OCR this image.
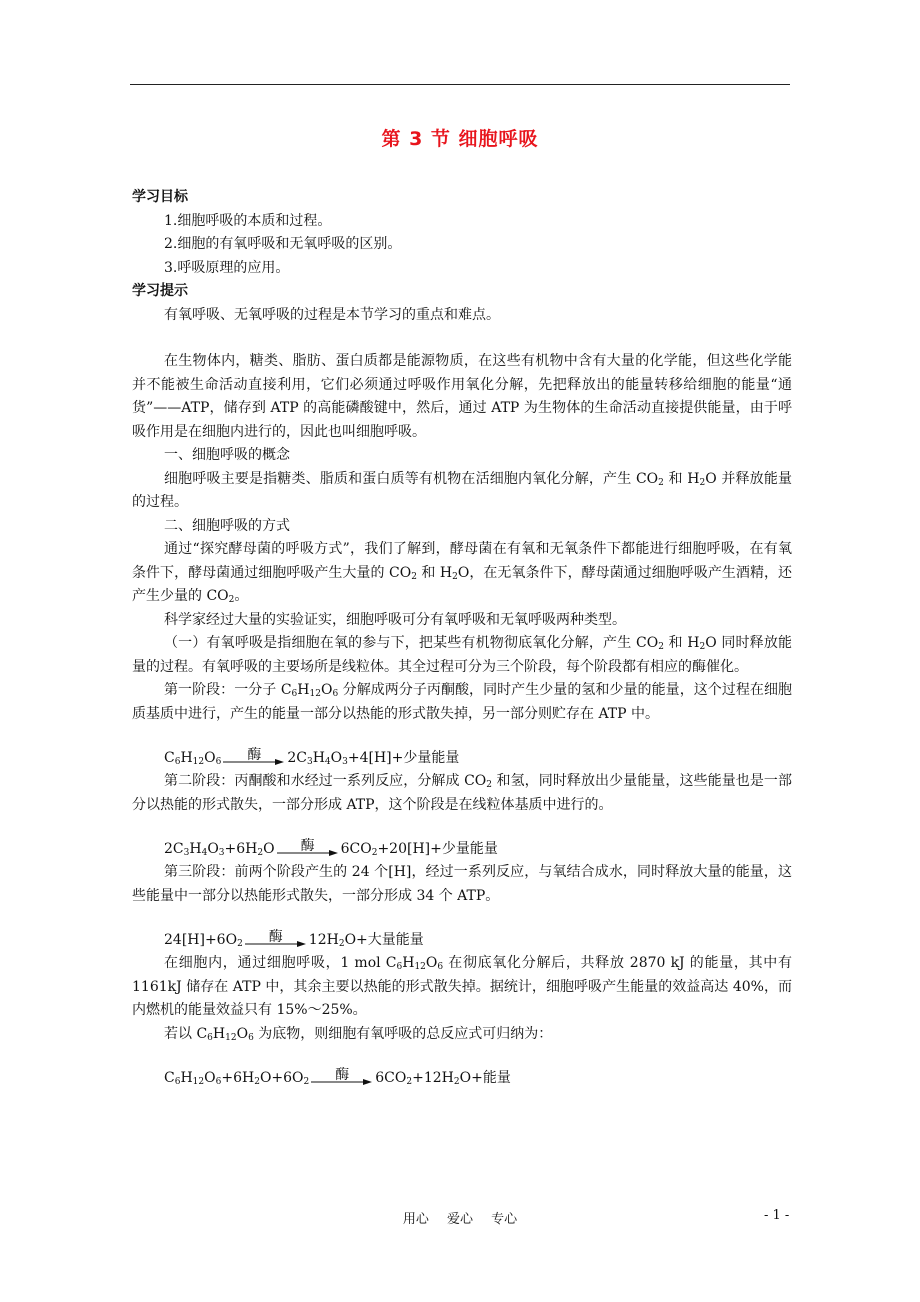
第 3 节 细胞呼吸
学习目标
1.细胞呼吸的本质和过程。
2.细胞的有氧呼吸和无氧呼吸的区别。
3.呼吸原理的应用。
学习提示

有氧呼吸、无氧呼吸的过程是本节学习的重点和难点。

在生物体内，糖类、脂肪、蛋白质都是能源物质，在这些有机物中含有大量的化学能，但这些化学能并不能被生命活动直接利用，它们必须通过呼吸作用氧化分解，先把释放出的能量转移给细胞的能量“通货”——ATP，储存到 ATP 的高能磷酸键中，然后，通过 ATP 为生物体的生命活动直接提供能量，由于呼吸作用是在细胞内进行的，因此也叫细胞呼吸。

一、细胞呼吸的概念

细胞呼吸主要是指糖类、脂质和蛋白质等有机物在活细胞内氧化分解，产生 $CO_2$ 和 $H_2O$ 并释放能量的过程。

二、细胞呼吸的方式

通过“探究酵母菌的呼吸方式”，我们了解到，酵母菌在有氧和无氧条件下都能进行细胞呼吸，在有氧条件下，酵母菌通过细胞呼吸产生大量的 $CO_2$ 和 $H_2O$，在无氧条件下，酵母菌通过细胞呼吸产生酒精，还产生少量的 $CO_2$。

科学家经过大量的实验证实，细胞呼吸可分有氧呼吸和无氧呼吸两种类型。

（一）有氧呼吸是指细胞在氧的参与下，把某些有机物彻底氧化分解，产生 $CO_2$ 和 $H_2O$ 同时释放能量的过程。有氧呼吸的主要场所是线粒体。其全过程可分为三个阶段，每个阶段都有相应的酶催化。

第一阶段：一分子 $C_6H_{12}O_6$ 分解成两分子丙酮酸，同时产生少量的氢和少量的能量，这个过程在细胞质基质中进行，产生的能量一部分以热能的形式散失掉，另一部分则贮存在 ATP 中。

$C_6H_{12}O_6$	酶	$2C_3H_4O_3+4[H]+$少量能量

第二阶段：丙酮酸和水经过一系列反应，分解成 $CO_2$ 和氢，同时释放出少量能量，这些能量也是一部分以热能的形式散失，一部分形成 ATP，这个阶段是在线粒体基质中进行的。

$2C_3H_4O_3+6H_2O$	酶	$6CO_2+20[H]+$少量能量

第三阶段：前两个阶段产生的 24 个[H]，经过一系列反应，与氧结合成水，同时释放大量的能量，这些能量中一部分以热能形式散失，一部分形成 34 个 ATP。

$24[H]+6O_2$	酶	$12H_2O+$大量能量

在细胞内，通过细胞呼吸，1 mol $C_6H_{12}O_6$ 在彻底氧化分解后，共释放 2870 kJ 的能量，其中有 1161kJ 储存在 ATP 中，其余主要以热能的形式散失掉。据统计，细胞呼吸产生能量的效益高达 40%，而内燃机的能量效益只有 15%～25%。

若以 $C_6H_{12}O_6$ 为底物，则细胞有氧呼吸的总反应式可归纳为：

$C_6H_{12}O_6+6H_2O+6O_2$	酶	$6CO_2+12H_2O+$能量
用心 爱心 专心	- 1 -
